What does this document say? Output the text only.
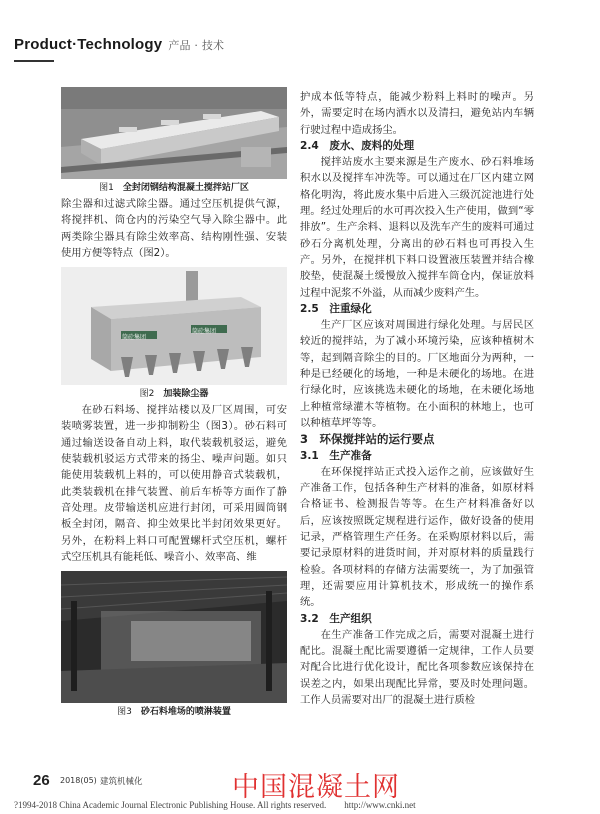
Product·Technology 产品 · 技术
图1　 全封闭钢结构混凝土搅拌站厂区

除尘器和过滤式除尘器。通过空压机提供气源，将搅拌机、筒仓内的污染空气导入除尘器中。此两类除尘器具有除尘效率高、结构刚性强、安装使用方便等特点（图2）。

筒砼集团
筒砼集团
图2　 加装除尘器

在砂石料场、搅拌站楼以及厂区周围，可安装喷雾装置，进一步抑制粉尘（图3）。砂石料可通过输送设备自动上料，取代装载机驳运，避免使装载机驳运方式带来的扬尘、噪声问题。如只能使用装载机上料的，可以使用静音式装载机，此类装载机在排气装置、前后车桥等方面作了静音处理。皮带输送机应进行封闭，可采用圆筒钢板全封闭，隔音、抑尘效果比半封闭效果更好。另外，在粉料上料口可配置螺杆式空压机，螺杆式空压机具有能耗低、噪音小、效率高、维

图3　 砂石料堆场的喷淋装置

护成本低等特点，能减少粉料上料时的噪声。另外，需要定时在场内洒水以及清扫，避免站内车辆行驶过程中造成扬尘。

2.4　废水、废料的处理

搅拌站废水主要来源是生产废水、砂石料堆场积水以及搅拌车冲洗等。可以通过在厂区内建立网格化明沟，将此废水集中后进入三级沉淀池进行处理。经过处理后的水可再次投入生产使用，做到“零排放”。生产余料、退料以及洗车产生的废料可通过砂石分离机处理，分离出的砂石料也可再投入生产。另外，在搅拌机下料口设置液压装置并结合橡胶垫，使混凝土缓慢放入搅拌车筒仓内，保证放料过程中泥浆不外溢，从而减少废料产生。

2.5　注重绿化

生产厂区应该对周围进行绿化处理。与居民区较近的搅拌站，为了减小环境污染，应该种植树木等，起到隔音除尘的目的。厂区地面分为两种，一种是已经硬化的场地，一种是未硬化的场地。在进行绿化时，应该挑选未硬化的场地，在未硬化场地上种植常绿灌木等植物。在小面积的林地上，也可以种植草坪等等。

3　环保搅拌站的运行要点

3.1　生产准备

在环保搅拌站正式投入运作之前，应该做好生产准备工作，包括各种生产材料的准备，如原材料合格证书、检测报告等等。在生产材料准备好以后，应该按照既定规程进行运作，做好设备的使用记录，严格管理生产任务。在采购原材料以后，需要记录原材料的进货时间，并对原材料的质量践行检验。各项材料的存储方法需要统一，为了加强管理，还需要应用计算机技术，形成统一的操作系统。

3.2　生产组织

在生产准备工作完成之后，需要对混凝土进行配比。混凝土配比需要遵循一定规律，工作人员要对配合比进行优化设计，配比各项参数应该保持在误差之内，如果出现配比异常，要及时处理问题。工作人员需要对出厂的混凝土进行质检

26 2018(05) 建筑机械化	中国混凝土网
?1994-2018 China Academic Journal Electronic Publishing House. All rights reserved.　　http://www.cnki.net
